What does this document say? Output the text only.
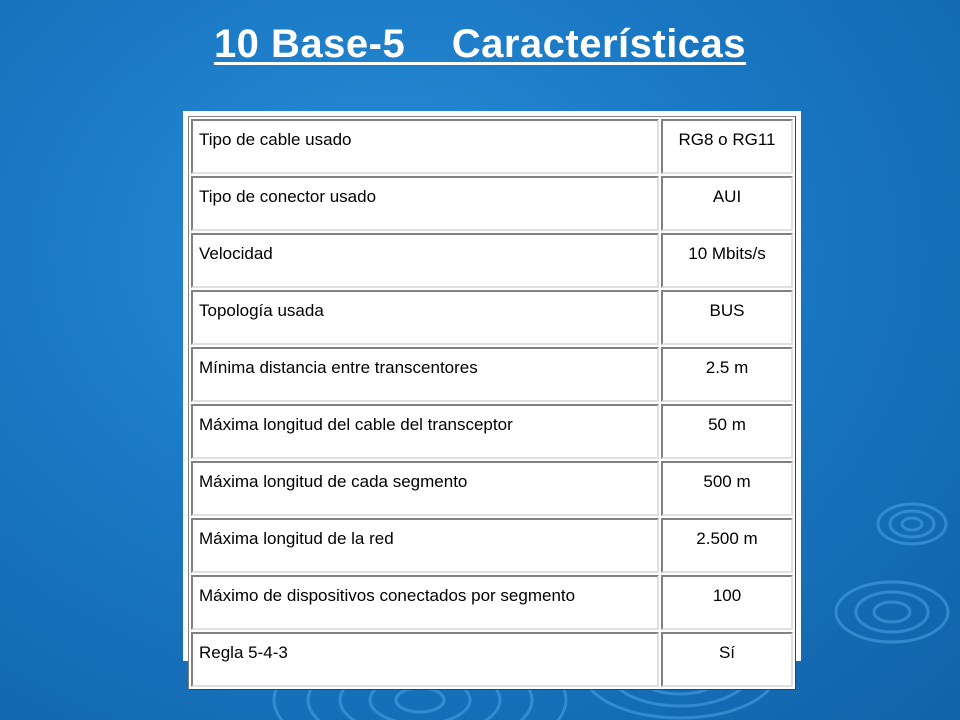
10 Base-5    Características
Tipo de cable usado	RG8 o RG11
Tipo de conector usado	AUI
Velocidad	10 Mbits/s
Topología usada	BUS
Mínima distancia entre transcentores	2.5 m
Máxima longitud del cable del transceptor	50 m
Máxima longitud de cada segmento	500 m
Máxima longitud de la red	2.500 m
Máximo de dispositivos conectados por segmento	100
Regla 5-4-3	Sí
